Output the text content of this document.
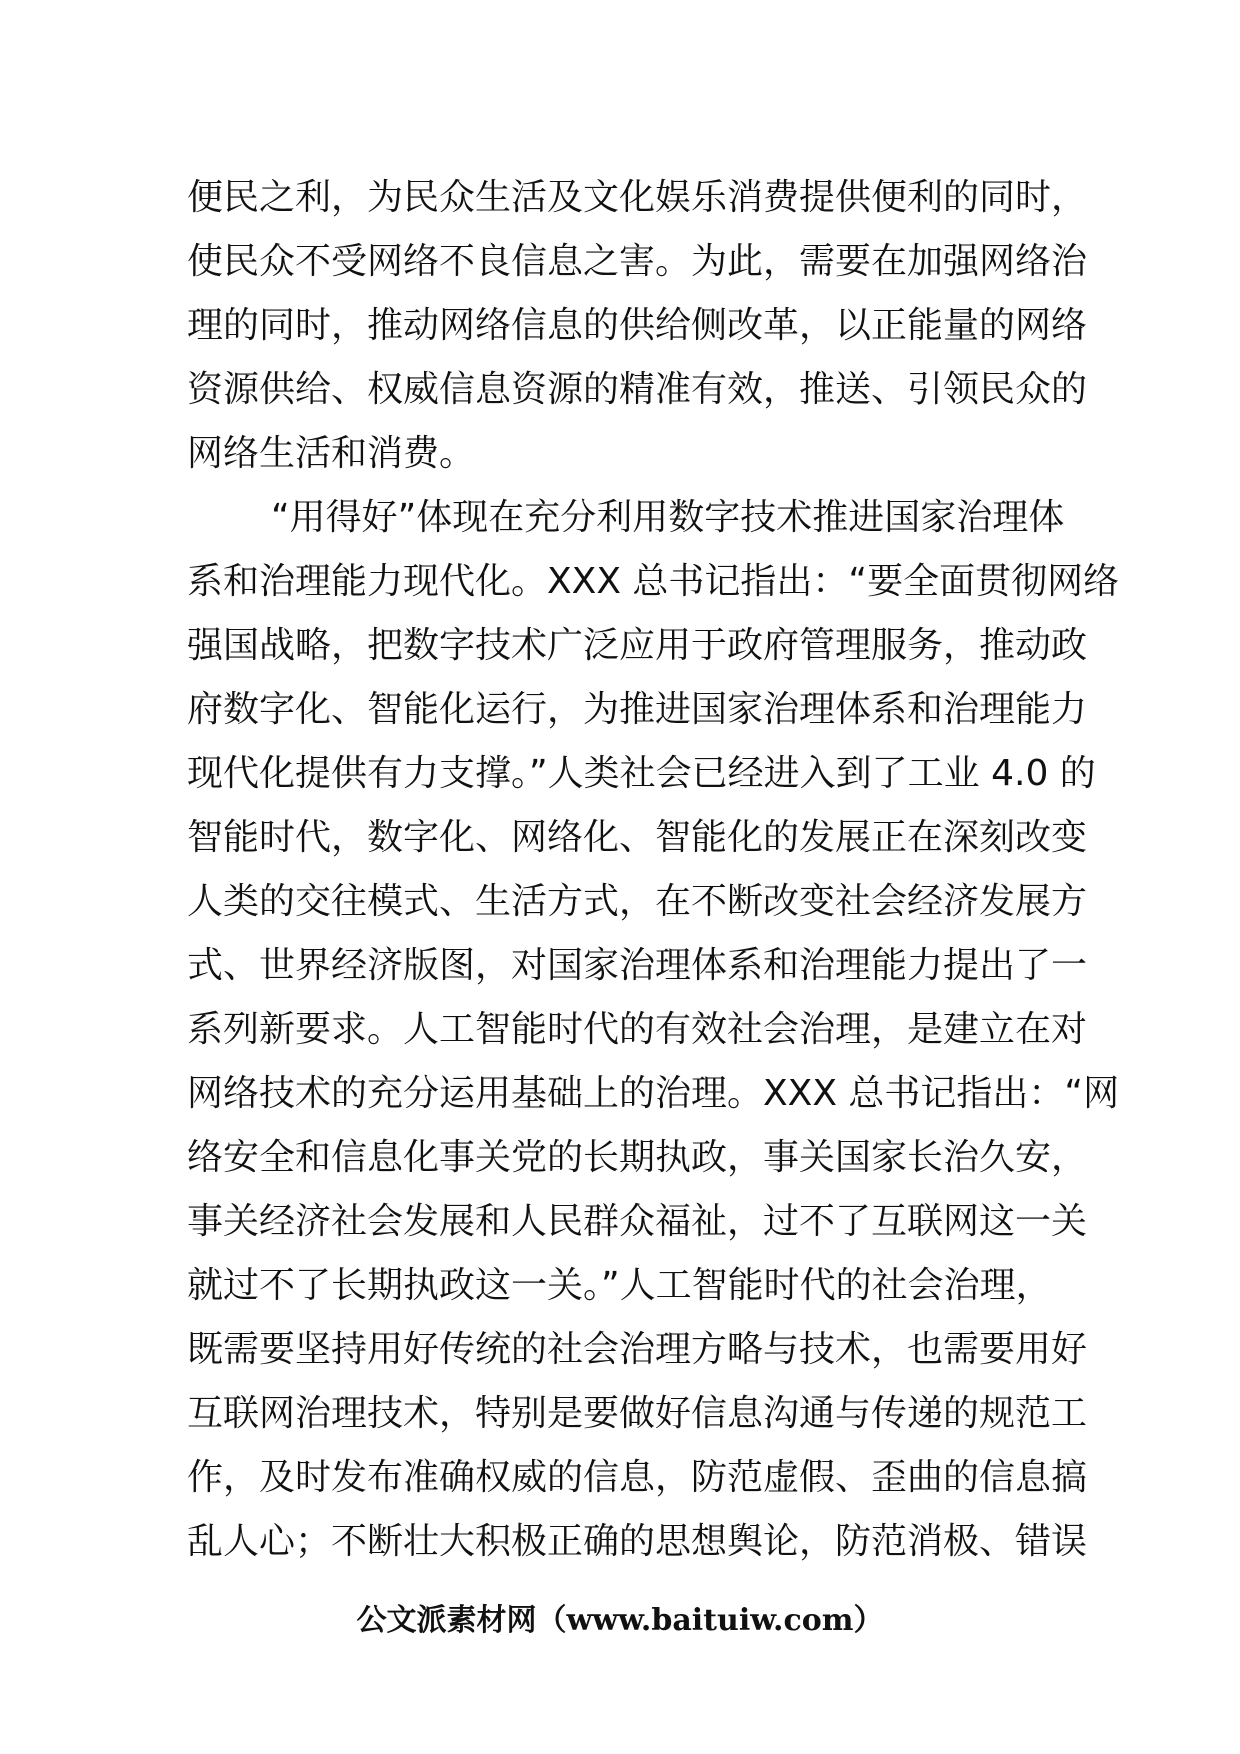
便民之利，为民众生活及文化娱乐消费提供便利的同时，
使民众不受网络不良信息之害。为此，需要在加强网络治
理的同时，推动网络信息的供给侧改革，以正能量的网络
资源供给、权威信息资源的精准有效，推送、引领民众的
网络生活和消费。
“用得好”体现在充分利用数字技术推进国家治理体
系和治理能力现代化。XXX 总书记指出：“要全面贯彻网络
强国战略，把数字技术广泛应用于政府管理服务，推动政
府数字化、智能化运行，为推进国家治理体系和治理能力
现代化提供有力支撑。”人类社会已经进入到了工业 4.0 的
智能时代，数字化、网络化、智能化的发展正在深刻改变
人类的交往模式、生活方式，在不断改变社会经济发展方
式、世界经济版图，对国家治理体系和治理能力提出了一
系列新要求。人工智能时代的有效社会治理，是建立在对
网络技术的充分运用基础上的治理。XXX 总书记指出：“网
络安全和信息化事关党的长期执政，事关国家长治久安，
事关经济社会发展和人民群众福祉，过不了互联网这一关
就过不了长期执政这一关。”人工智能时代的社会治理，
既需要坚持用好传统的社会治理方略与技术，也需要用好
互联网治理技术，特别是要做好信息沟通与传递的规范工
作，及时发布准确权威的信息，防范虚假、歪曲的信息搞
乱人心；不断壮大积极正确的思想舆论，防范消极、错误
公文派素材网（www.baituiw.com）
